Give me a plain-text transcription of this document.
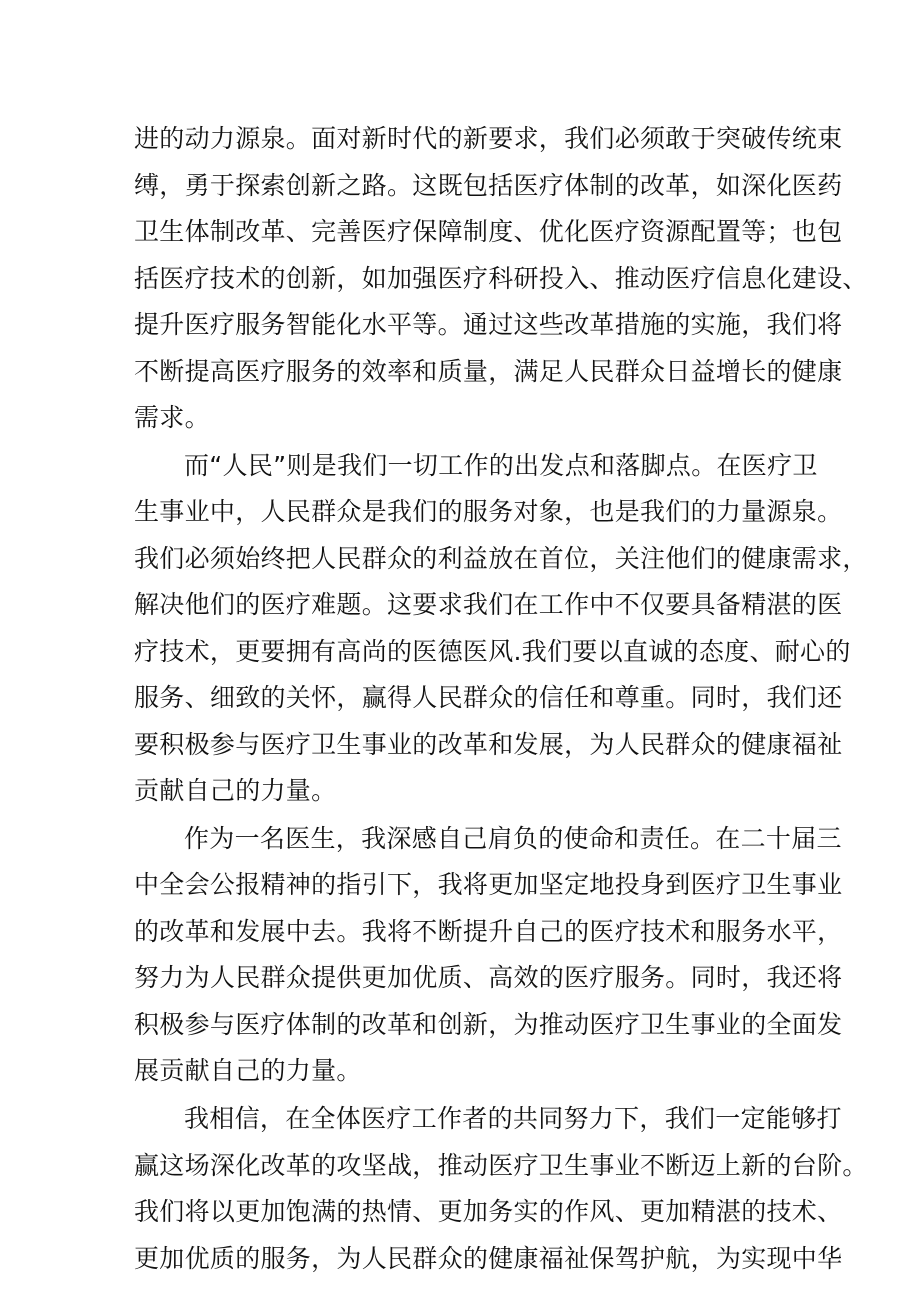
进的动力源泉。面对新时代的新要求，我们必须敢于突破传统束
缚，勇于探索创新之路。这既包括医疗体制的改革，如深化医药
卫生体制改革、完善医疗保障制度、优化医疗资源配置等；也包
括医疗技术的创新，如加强医疗科研投入、推动医疗信息化建设、
提升医疗服务智能化水平等。通过这些改革措施的实施，我们将
不断提高医疗服务的效率和质量，满足人民群众日益增长的健康
需求。
而“人民”则是我们一切工作的出发点和落脚点。在医疗卫
生事业中，人民群众是我们的服务对象，也是我们的力量源泉。
我们必须始终把人民群众的利益放在首位，关注他们的健康需求，
解决他们的医疗难题。这要求我们在工作中不仅要具备精湛的医
疗技术，更要拥有高尚的医德医风.我们要以直诚的态度、耐心的
服务、细致的关怀，赢得人民群众的信任和尊重。同时，我们还
要积极参与医疗卫生事业的改革和发展，为人民群众的健康福祉
贡献自己的力量。
作为一名医生，我深感自己肩负的使命和责任。在二十届三
中全会公报精神的指引下，我将更加坚定地投身到医疗卫生事业
的改革和发展中去。我将不断提升自己的医疗技术和服务水平，
努力为人民群众提供更加优质、高效的医疗服务。同时，我还将
积极参与医疗体制的改革和创新，为推动医疗卫生事业的全面发
展贡献自己的力量。
我相信，在全体医疗工作者的共同努力下，我们一定能够打
赢这场深化改革的攻坚战，推动医疗卫生事业不断迈上新的台阶。
我们将以更加饱满的热情、更加务实的作风、更加精湛的技术、
更加优质的服务，为人民群众的健康福祉保驾护航，为实现中华
